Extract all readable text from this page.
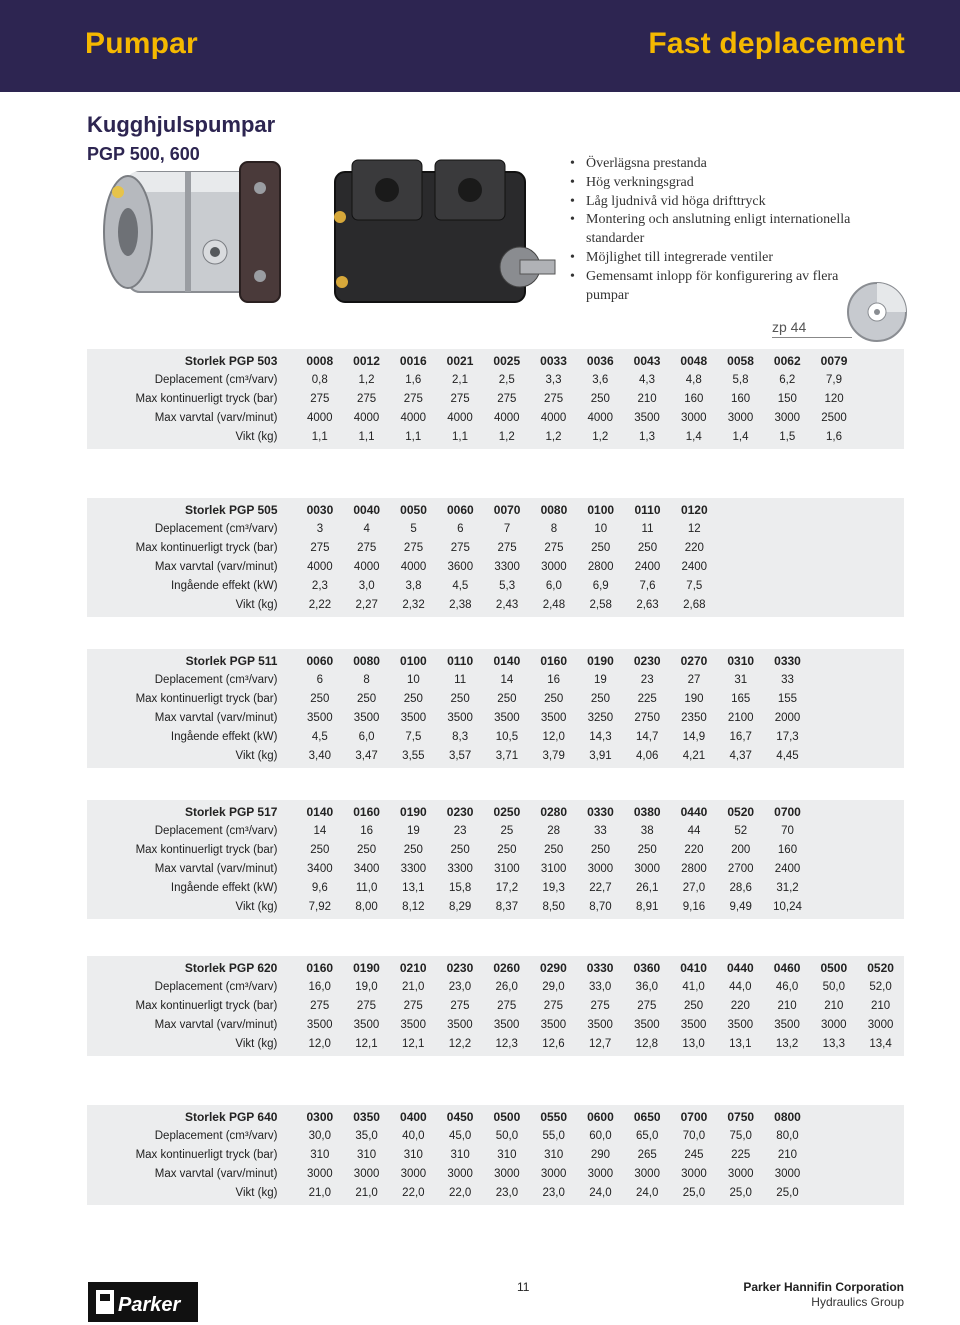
Pumpar	Fast deplacement
Kugghjulspumpar
PGP 500, 600	• Överlägsna prestanda
• Hög verkningsgrad
• Låg ljudnivå vid höga drifttryck
• Montering och anslutning enligt internationella standarder
• Möjlighet till integrerade ventiler
• Gemensamt inlopp för konfigurering av flera pumpar
zp 44
Storlek PGP 503	0008	0012	0016	0021	0025	0033	0036	0043	0048	0058	0062	0079	
Deplacement (cm³/varv)	0,8	1,2	1,6	2,1	2,5	3,3	3,6	4,3	4,8	5,8	6,2	7,9	
Max kontinuerligt tryck (bar)	275	275	275	275	275	275	250	210	160	160	150	120	
Max varvtal (varv/minut)	4000	4000	4000	4000	4000	4000	4000	3500	3000	3000	3000	2500	
Vikt (kg)	1,1	1,1	1,1	1,1	1,2	1,2	1,2	1,3	1,4	1,4	1,5	1,6	
Storlek PGP 505	0030	0040	0050	0060	0070	0080	0100	0110	0120				
Deplacement (cm³/varv)	3	4	5	6	7	8	10	11	12				
Max kontinuerligt tryck (bar)	275	275	275	275	275	275	250	250	220				
Max varvtal (varv/minut)	4000	4000	4000	3600	3300	3000	2800	2400	2400				
Ingående effekt (kW)	2,3	3,0	3,8	4,5	5,3	6,0	6,9	7,6	7,5				
Vikt (kg)	2,22	2,27	2,32	2,38	2,43	2,48	2,58	2,63	2,68				
Storlek PGP 511	0060	0080	0100	0110	0140	0160	0190	0230	0270	0310	0330		
Deplacement (cm³/varv)	6	8	10	11	14	16	19	23	27	31	33		
Max kontinuerligt tryck (bar)	250	250	250	250	250	250	250	225	190	165	155		
Max varvtal (varv/minut)	3500	3500	3500	3500	3500	3500	3250	2750	2350	2100	2000		
Ingående effekt (kW)	4,5	6,0	7,5	8,3	10,5	12,0	14,3	14,7	14,9	16,7	17,3		
Vikt (kg)	3,40	3,47	3,55	3,57	3,71	3,79	3,91	4,06	4,21	4,37	4,45		
Storlek PGP 517	0140	0160	0190	0230	0250	0280	0330	0380	0440	0520	0700		
Deplacement (cm³/varv)	14	16	19	23	25	28	33	38	44	52	70		
Max kontinuerligt tryck (bar)	250	250	250	250	250	250	250	250	220	200	160		
Max varvtal (varv/minut)	3400	3400	3300	3300	3100	3100	3000	3000	2800	2700	2400		
Ingående effekt (kW)	9,6	11,0	13,1	15,8	17,2	19,3	22,7	26,1	27,0	28,6	31,2		
Vikt (kg)	7,92	8,00	8,12	8,29	8,37	8,50	8,70	8,91	9,16	9,49	10,24		
Storlek PGP 620	0160	0190	0210	0230	0260	0290	0330	0360	0410	0440	0460	0500	0520
Deplacement (cm³/varv)	16,0	19,0	21,0	23,0	26,0	29,0	33,0	36,0	41,0	44,0	46,0	50,0	52,0
Max kontinuerligt tryck (bar)	275	275	275	275	275	275	275	275	250	220	210	210	210
Max varvtal (varv/minut)	3500	3500	3500	3500	3500	3500	3500	3500	3500	3500	3500	3000	3000
Vikt (kg)	12,0	12,1	12,1	12,2	12,3	12,6	12,7	12,8	13,0	13,1	13,2	13,3	13,4
Storlek PGP 640	0300	0350	0400	0450	0500	0550	0600	0650	0700	0750	0800		
Deplacement (cm³/varv)	30,0	35,0	40,0	45,0	50,0	55,0	60,0	65,0	70,0	75,0	80,0		
Max kontinuerligt tryck (bar)	310	310	310	310	310	310	290	265	245	225	210		
Max varvtal (varv/minut)	3000	3000	3000	3000	3000	3000	3000	3000	3000	3000	3000		
Vikt (kg)	21,0	21,0	22,0	22,0	23,0	23,0	24,0	24,0	25,0	25,0	25,0		
11	Parker Hannifin Corporation
Hydraulics Group
Parker
